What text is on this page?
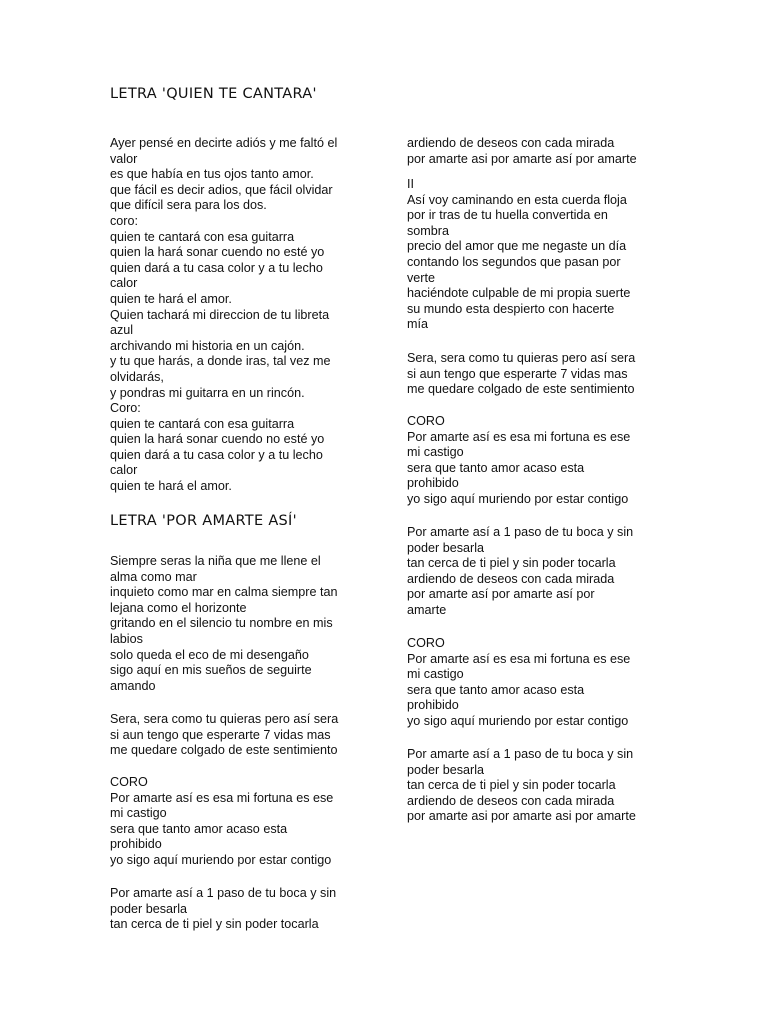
LETRA 'QUIEN TE CANTARA'
Ayer pensé en decirte adiós y me faltó el
valor
es que había en tus ojos tanto amor.
que fácil es decir adios, que fácil olvidar
que difícil sera para los dos.
coro:
quien te cantará con esa guitarra
quien la hará sonar cuendo no esté yo
quien dará a tu casa color y a tu lecho
calor
quien te hará el amor.
Quien tachará mi direccion de tu libreta
azul
archivando mi historia en un cajón.
y tu que harás, a donde iras, tal vez me
olvidarás,
y pondras mi guitarra en un rincón.
Coro:
quien te cantará con esa guitarra
quien la hará sonar cuendo no esté yo
quien dará a tu casa color y a tu lecho
calor
quien te hará el amor.
LETRA 'POR AMARTE ASÍ'
Siempre seras la niña que me llene el
alma como mar
inquieto como mar en calma siempre tan
lejana como el horizonte
gritando en el silencio tu nombre en mis
labios
solo queda el eco de mi desengaño
sigo aquí en mis sueños de seguirte
amando
Sera, sera como tu quieras pero así sera
si aun tengo que esperarte 7 vidas mas
me quedare colgado de este sentimiento
CORO
Por amarte así es esa mi fortuna es ese
mi castigo
sera que tanto amor acaso esta
prohibido
yo sigo aquí muriendo por estar contigo
Por amarte así a 1 paso de tu boca y sin
poder besarla
tan cerca de ti piel y sin poder tocarla
ardiendo de deseos con cada mirada
por amarte asi por amarte así por amarte
II
Así voy caminando en esta cuerda floja
por ir tras de tu huella convertida en
sombra
precio del amor que me negaste un día
contando los segundos que pasan por
verte
haciéndote culpable de mi propia suerte
su mundo esta despierto con hacerte
mía
Sera, sera como tu quieras pero así sera
si aun tengo que esperarte 7 vidas mas
me quedare colgado de este sentimiento
CORO
Por amarte así es esa mi fortuna es ese
mi castigo
sera que tanto amor acaso esta
prohibido
yo sigo aquí muriendo por estar contigo
Por amarte así a 1 paso de tu boca y sin
poder besarla
tan cerca de ti piel y sin poder tocarla
ardiendo de deseos con cada mirada
por amarte así por amarte así por
amarte
CORO
Por amarte así es esa mi fortuna es ese
mi castigo
sera que tanto amor acaso esta
prohibido
yo sigo aquí muriendo por estar contigo
Por amarte así a 1 paso de tu boca y sin
poder besarla
tan cerca de ti piel y sin poder tocarla
ardiendo de deseos con cada mirada
por amarte asi por amarte asi por amarte
